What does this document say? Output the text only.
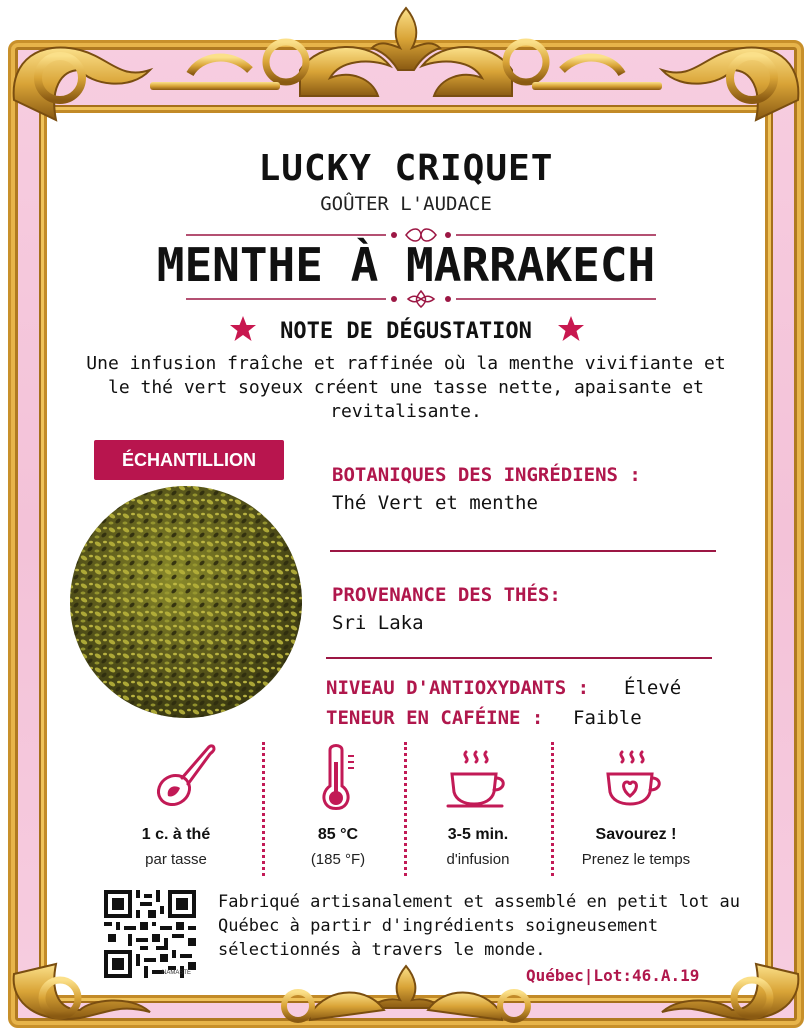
LUCKY CRIQUET
GOÛTER L'AUDACE
MENTHE À MARRAKECH
NOTE DE DÉGUSTATION
Une infusion fraîche et raffinée où la menthe vivifiante et le thé vert soyeux créent une tasse nette, apaisante et revitalisante.
ÉCHANTILLION
BOTANIQUES DES INGRÉDIENS :
Thé Vert et menthe
PROVENANCE DES THÉS:
Sri Laka
NIVEAU D'ANTIOXYDANTS : Élevé
TENEUR EN CAFÉINE : Faible
1 c. à thé
par tasse
85 °C
(185 °F)
3-5 min.
d'infusion
Savourez !
Prenez le temps
NAMASTE
Fabriqué artisanalement et assemblé en petit lot au Québec à partir d'ingrédients soigneusement sélectionnés à travers le monde.
Québec|Lot:46.A.19
